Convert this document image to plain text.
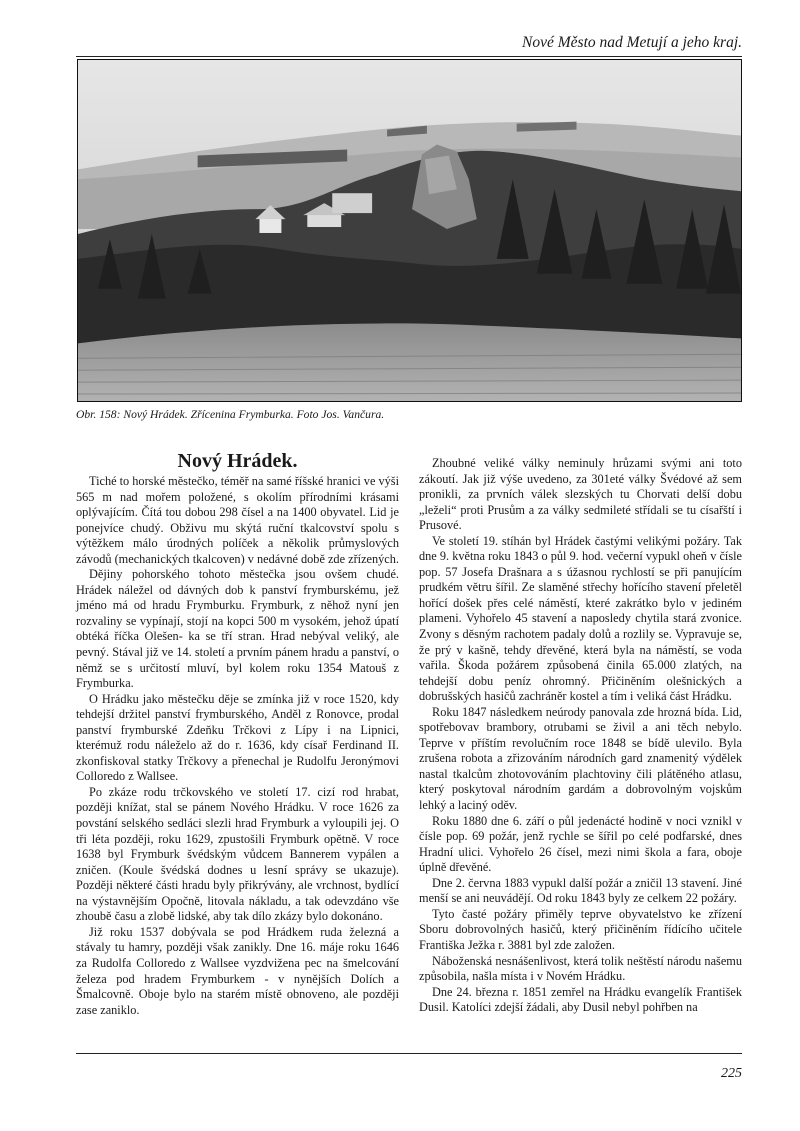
Nové Město nad Metují a jeho kraj.
Obr. 158: Nový Hrádek. Zřícenina Frymburka. Foto Jos. Vančura.
Nový Hrádek.

Tiché to horské městečko, téměř na samé říšské hranici ve výši 565 m nad mořem položené, s okolím přírodními krásami oplývajícím. Čítá tou dobou 298 čísel a na 1400 obyvatel. Lid je ponejvíce chudý. Obživu mu skýtá ruční tkalcovství spolu s výtěžkem málo úrodných políček a několik průmyslových závodů (mechanických tkalcoven) v nedávné době zde zřízených.

Dějiny pohorského tohoto městečka jsou ovšem chudé. Hrádek náležel od dávných dob k panství frymburskému, jež jméno má od hradu Frymburku. Frymburk, z něhož nyní jen rozvaliny se vypínají, stojí na kopci 500 m vysokém, jehož úpatí obtéká říčka Olešen- ka se tří stran. Hrad nebýval veliký, ale pevný. Stával již ve 14. století a prvním pánem hradu a panství, o němž se s určitostí mluví, byl kolem roku 1354 Matouš z Frymburka.

O Hrádku jako městečku děje se zmínka již v roce 1520, kdy tehdejší držitel panství frymburského, Anděl z Ronovce, prodal panství frymburské Zdeňku Trčkovi z Lípy i na Lipnici, kterémuž rodu náleželo až do r. 1636, kdy císař Ferdinand II. zkonfiskoval statky Trčkovy a přenechal je Rudolfu Jeronýmovi Colloredo z Wallsee.

Po zkáze rodu trčkovského ve století 17. cizí rod hrabat, později knížat, stal se pánem Nového Hrádku. V roce 1626 za povstání selského sedláci slezli hrad Frymburk a vyloupili jej. O tři léta později, roku 1629, zpustošili Frymburk opětně. V roce 1638 byl Frymburk švédským vůdcem Bannerem vypálen a zničen. (Koule švédská dodnes u lesní správy se ukazuje). Později některé části hradu byly přikrývány, ale vrchnost, bydlící na výstavnějším Opočně, litovala nákladu, a tak odevzdáno vše zhoubě času a zlobě lidské, aby tak dílo zkázy bylo dokonáno.

Již roku 1537 dobývala se pod Hrádkem ruda železná a stávaly tu hamry, později však zanikly. Dne 16. máje roku 1646 za Rudolfa Colloredo z Wallsee vyzdvižena pec na šmelcování železa pod hradem Frymburkem - v nynějších Dolích a Šmalcovně. Oboje bylo na starém místě obnoveno, ale později zase zaniklo.

Zhoubné veliké války neminuly hrůzami svými ani toto zákoutí. Jak již výše uvedeno, za 301eté války Švédové až sem pronikli, za prvních válek slezských tu Chorvati delší dobu „leželi“ proti Prusům a za války sedmileté střídali se tu císařští i Prusové.

Ve století 19. stíhán byl Hrádek častými velikými požáry. Tak dne 9. května roku 1843 o půl 9. hod. večerní vypukl oheň v čísle pop. 57 Josefa Drašnara a s úžasnou rychlostí se při panujícím prudkém větru šířil. Ze slaměné střechy hořícího stavení přeletěl hořící došek přes celé náměstí, které zakrátko bylo v jediném plameni. Vyhořelo 45 stavení a naposledy chytila stará zvonice. Zvony s děsným rachotem padaly dolů a rozlily se. Vypravuje se, že prý v kašně, tehdy dřevěné, která byla na náměstí, se voda vařila. Škoda požárem způsobená činila 65.000 zlatých, na tehdejší dobu peníz ohromný. Přičiněním olešnických a dobrušských hasičů zachráněr kostel a tím i veliká část Hrádku.

Roku 1847 následkem neúrody panovala zde hrozná bída. Lid, spotřebovav brambory, otrubami se živil a ani těch nebylo. Teprve v příštím revolučním roce 1848 se bídě ulevilo. Byla zrušena robota a zřizováním národních gard znamenitý výdělek nastal tkalcům zhotovováním plachtoviny čili plátěného atlasu, který poskytoval národním gardám a dobrovolným vojskům lehký a laciný oděv.

Roku 1880 dne 6. září o půl jedenácté hodině v noci vznikl v čísle pop. 69 požár, jenž rychle se šířil po celé podfarské, dnes Hradní ulici. Vyhořelo 26 čísel, mezi nimi škola a fara, oboje úplně dřevěné.

Dne 2. června 1883 vypukl další požár a zničil 13 stavení. Jiné menší se ani neuvádějí. Od roku 1843 byly ze celkem 22 požáry.

Tyto časté požáry přiměly teprve obyvatelstvo ke zřízení Sboru dobrovolných hasičů, který přičiněním řídícího učitele Františka Ježka r. 3881 byl zde založen.

Náboženská nesnášenlivost, která tolik neštěstí národu našemu způsobila, našla místa i v Novém Hrádku.

Dne 24. března r. 1851 zemřel na Hrádku evangelík František Dusil. Katolíci zdejší žádali, aby Dusil nebyl pohřben na

225
